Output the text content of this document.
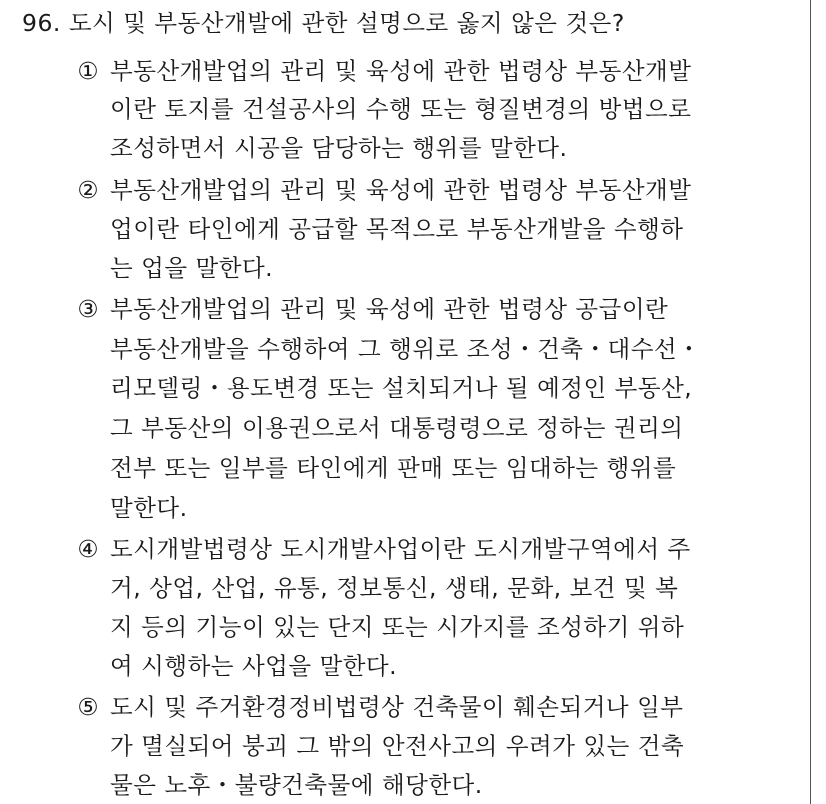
96. 도시 및 부동산개발에 관한 설명으로 옳지 않은 것은?
① 부동산개발업의 관리 및 육성에 관한 법령상 부동산개발
이란 토지를 건설공사의 수행 또는 형질변경의 방법으로
조성하면서 시공을 담당하는 행위를 말한다.
② 부동산개발업의 관리 및 육성에 관한 법령상 부동산개발
업이란 타인에게 공급할 목적으로 부동산개발을 수행하
는 업을 말한다.
③ 부동산개발업의 관리 및 육성에 관한 법령상 공급이란
부동산개발을 수행하여 그 행위로 조성・건축・대수선・
리모델링・용도변경 또는 설치되거나 될 예정인 부동산,
그 부동산의 이용권으로서 대통령령으로 정하는 권리의
전부 또는 일부를 타인에게 판매 또는 임대하는 행위를
말한다.
④ 도시개발법령상 도시개발사업이란 도시개발구역에서 주
거, 상업, 산업, 유통, 정보통신, 생태, 문화, 보건 및 복
지 등의 기능이 있는 단지 또는 시가지를 조성하기 위하
여 시행하는 사업을 말한다.
⑤ 도시 및 주거환경정비법령상 건축물이 훼손되거나 일부
가 멸실되어 붕괴 그 밖의 안전사고의 우려가 있는 건축
물은 노후・불량건축물에 해당한다.
